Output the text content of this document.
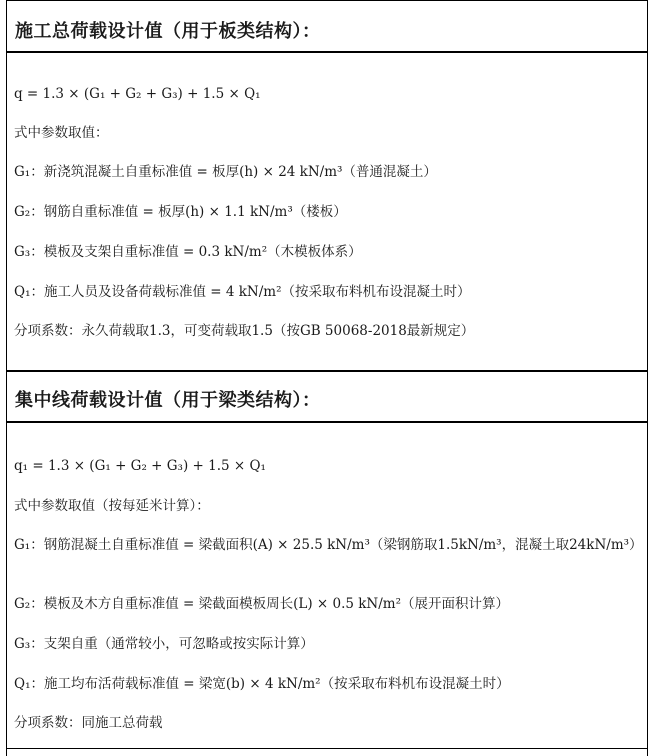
施工总荷载设计值（用于板类结构）：
q = 1.3 × (G₁ + G₂ + G₃) + 1.5 × Q₁
式中参数取值：
G₁：新浇筑混凝土自重标准值 = 板厚(h) × 24 kN/m³（普通混凝土）
G₂：钢筋自重标准值 = 板厚(h) × 1.1 kN/m³（楼板）
G₃：模板及支架自重标准值 = 0.3 kN/m²（木模板体系）
Q₁：施工人员及设备荷载标准值 = 4 kN/m²（按采取布料机布设混凝土时）
分项系数：永久荷载取1.3，可变荷载取1.5（按GB 50068-2018最新规定）
集中线荷载设计值（用于梁类结构）：
q₁ = 1.3 × (G₁ + G₂ + G₃) + 1.5 × Q₁
式中参数取值（按每延米计算）：
G₁：钢筋混凝土自重标准值 = 梁截面积(A) × 25.5 kN/m³（梁钢筋取1.5kN/m³，混凝土取24kN/m³）
G₂：模板及木方自重标准值 = 梁截面模板周长(L) × 0.5 kN/m²（展开面积计算）
G₃：支架自重（通常较小，可忽略或按实际计算）
Q₁：施工均布活荷载标准值 = 梁宽(b) × 4 kN/m²（按采取布料机布设混凝土时）
分项系数：同施工总荷载
